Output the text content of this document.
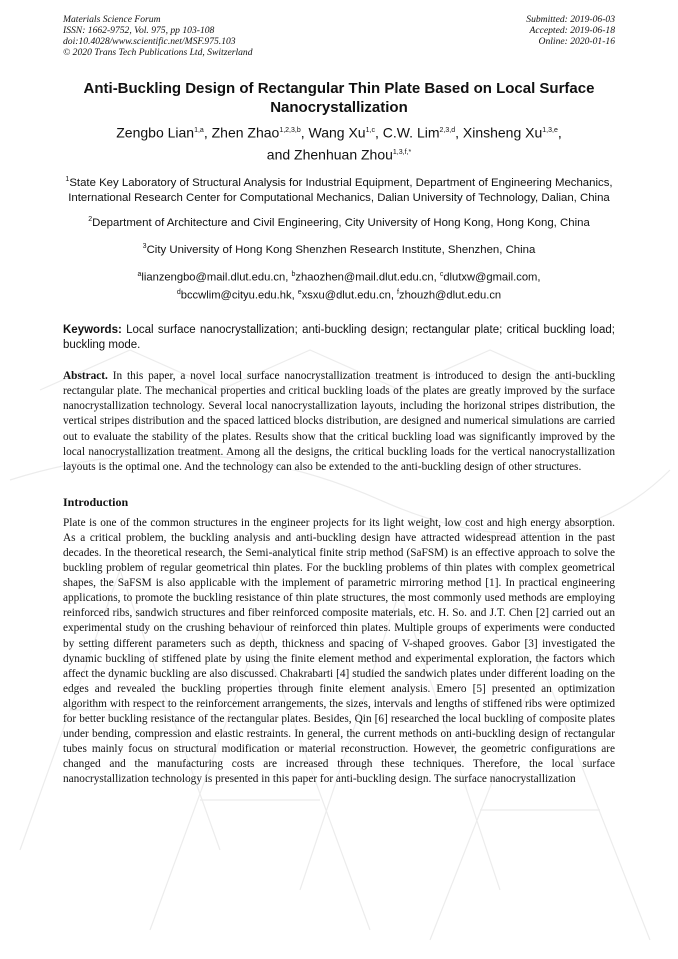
Materials Science Forum
ISSN: 1662-9752, Vol. 975, pp 103-108
doi:10.4028/www.scientific.net/MSF.975.103
© 2020 Trans Tech Publications Ltd, Switzerland
Submitted: 2019-06-03
Accepted: 2019-06-18
Online: 2020-01-16
Anti-Buckling Design of Rectangular Thin Plate Based on Local Surface Nanocrystallization
Zengbo Lian$^{1,a}$, Zhen Zhao$^{1,2,3,b}$, Wang Xu$^{1,c}$, C.W. Lim$^{2,3,d}$, Xinsheng Xu$^{1,3,e}$,
and Zhenhuan Zhou$^{1,3,f,*}$
$^1$State Key Laboratory of Structural Analysis for Industrial Equipment, Department of Engineering Mechanics, International Research Center for Computational Mechanics, Dalian University of Technology, Dalian, China
$^2$Department of Architecture and Civil Engineering, City University of Hong Kong, Hong Kong, China
$^3$City University of Hong Kong Shenzhen Research Institute, Shenzhen, China
$^a$lianzengbo@mail.dlut.edu.cn, $^b$zhaozhen@mail.dlut.edu.cn, $^c$dlutxw@gmail.com,
$^d$bccwlim@cityu.edu.hk, $^e$xsxu@dlut.edu.cn, $^f$zhouzh@dlut.edu.cn
Keywords: Local surface nanocrystallization; anti-buckling design; rectangular plate; critical buckling load; buckling mode.
Abstract. In this paper, a novel local surface nanocrystallization treatment is introduced to design the anti-buckling rectangular plate. The mechanical properties and critical buckling loads of the plates are greatly improved by the surface nanocrystallization technology. Several local nanocrystallization layouts, including the horizonal stripes distribution, the vertical stripes distribution and the spaced latticed blocks distribution, are designed and numerical simulations are carried out to evaluate the stability of the plates. Results show that the critical buckling load was significantly improved by the local nanocrystallization treatment. Among all the designs, the critical buckling loads for the vertical nanocrystallization layouts is the optimal one. And the technology can also be extended to the anti-buckling design of other structures.
Introduction
Plate is one of the common structures in the engineer projects for its light weight, low cost and high energy absorption. As a critical problem, the buckling analysis and anti-buckling design have attracted widespread attention in the past decades. In the theoretical research, the Semi-analytical finite strip method (SaFSM) is an effective approach to solve the buckling problem of regular geometrical thin plates. For the buckling problems of thin plates with complex geometrical shapes, the SaFSM is also applicable with the implement of parametric mirroring method [1]. In practical engineering applications, to promote the buckling resistance of thin plate structures, the most commonly used methods are employing reinforced ribs, sandwich structures and fiber reinforced composite materials, etc. H. So. and J.T. Chen [2] carried out an experimental study on the crushing behaviour of reinforced thin plates. Multiple groups of experiments were conducted by setting different parameters such as depth, thickness and spacing of V-shaped grooves. Gabor [3] investigated the dynamic buckling of stiffened plate by using the finite element method and experimental exploration, the factors which affect the dynamic buckling are also discussed. Chakrabarti [4] studied the sandwich plates under different loading on the edges and revealed the buckling properties through finite element analysis. Emero [5] presented an optimization algorithm with respect to the reinforcement arrangements, the sizes, intervals and lengths of stiffened ribs were optimized for better buckling resistance of the rectangular plates. Besides, Qin [6] researched the local buckling of composite plates under bending, compression and elastic restraints. In general, the current methods on anti-buckling design of rectangular tubes mainly focus on structural modification or material reconstruction. However, the geometric configurations are changed and the manufacturing costs are increased through these techniques. Therefore, the local surface nanocrystallization technology is presented in this paper for anti-buckling design. The surface nanocrystallization
